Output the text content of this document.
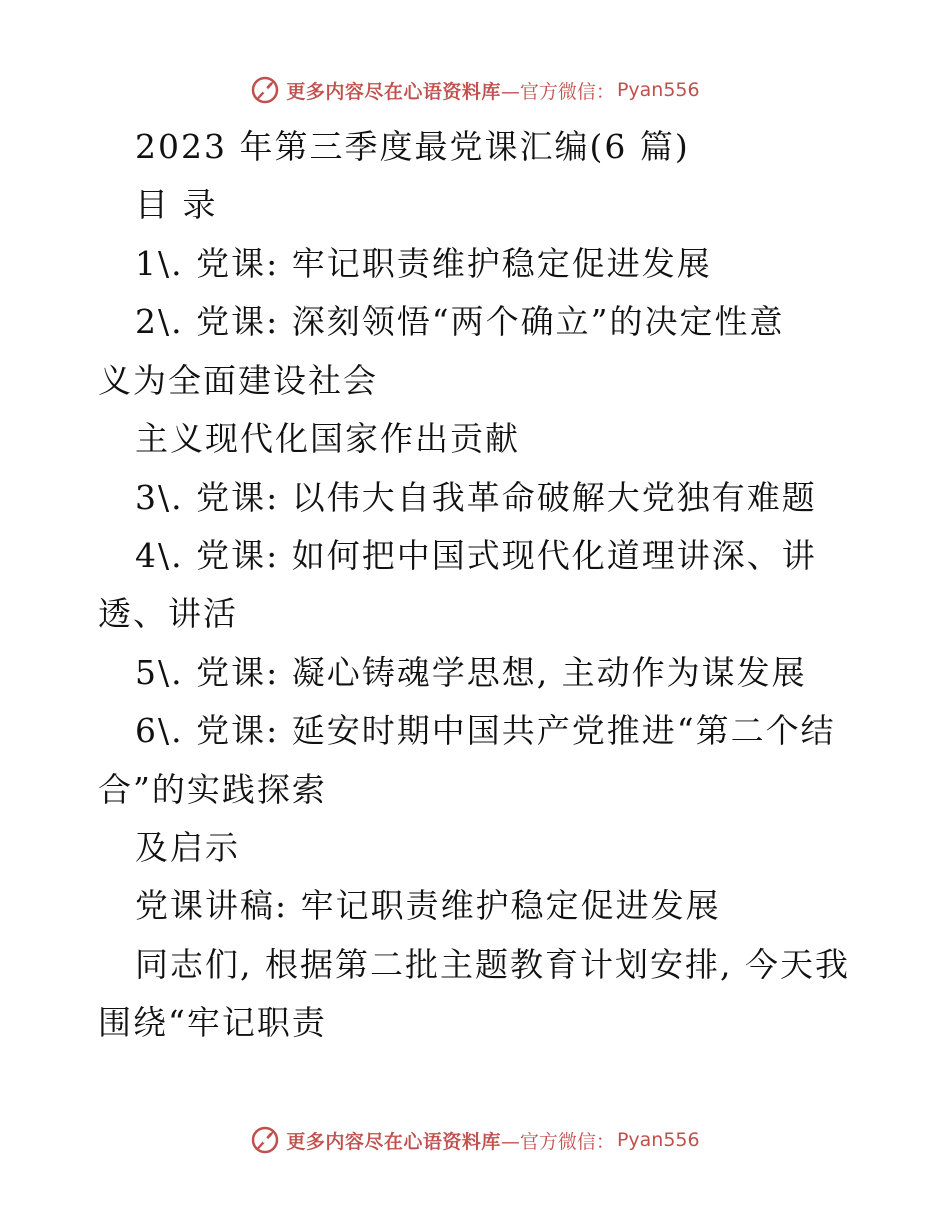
更多内容尽在心语资料库 —官方微信： Pyan556
2023 年第三季度最党课汇编(6 篇)
目 录
1\. 党课: 牢记职责维护稳定促进发展
2\. 党课: 深刻领悟“两个确立”的决定性意
义为全面建设社会
主义现代化国家作出贡献
3\. 党课: 以伟大自我革命破解大党独有难题
4\. 党课: 如何把中国式现代化道理讲深、讲
透、讲活
5\. 党课: 凝心铸魂学思想, 主动作为谋发展
6\. 党课: 延安时期中国共产党推进“第二个结
合”的实践探索
及启示
党课讲稿: 牢记职责维护稳定促进发展
同志们, 根据第二批主题教育计划安排, 今天我
围绕“牢记职责
更多内容尽在心语资料库 —官方微信： Pyan556
